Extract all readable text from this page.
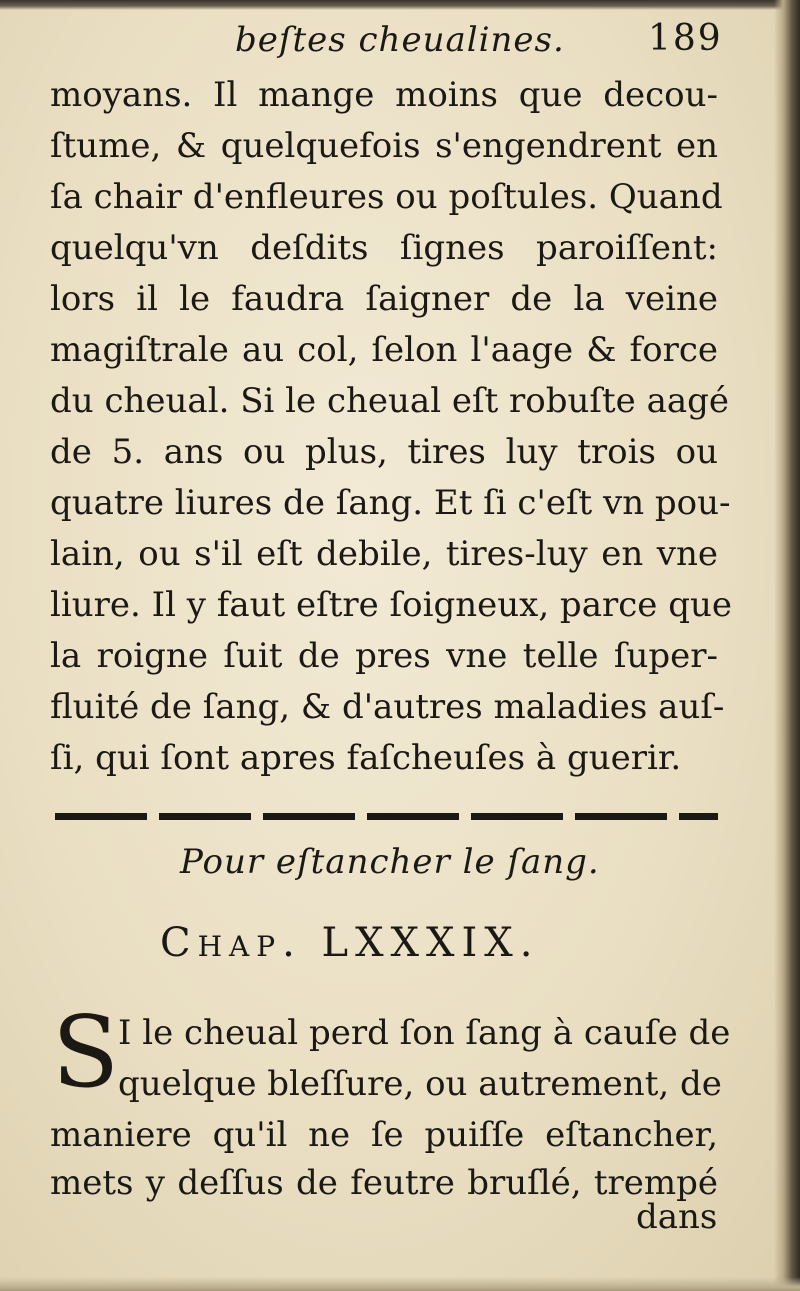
beſtes cheualines. 189
moyans. Il mange moins que decou-
ſtume, & quelquefois s'engendrent en
ſa chair d'enfleures ou poſtules. Quand
quelqu'vn deſdits ſignes paroiſſent:
lors il le faudra ſaigner de la veine
magiſtrale au col, ſelon l'aage & force
du cheual. Si le cheual eſt robuſte aagé
de 5. ans ou plus, tires luy trois ou
quatre liures de ſang. Et ſi c'eſt vn pou-
lain, ou s'il eſt debile, tires-luy en vne
liure. Il y faut eſtre ſoigneux, parce que
la roigne ſuit de pres vne telle ſuper-
fluité de ſang, & d'autres maladies auſ-
ſi, qui ſont apres faſcheuſes à guerir.
Pour eſtancher le ſang.
Chap. LXXXIX.
S
I le cheual perd ſon ſang à cauſe de
quelque bleſſure, ou autrement, de
maniere qu'il ne ſe puiſſe eſtancher,
mets y deſſus de feutre bruſlé, trempé
dans
